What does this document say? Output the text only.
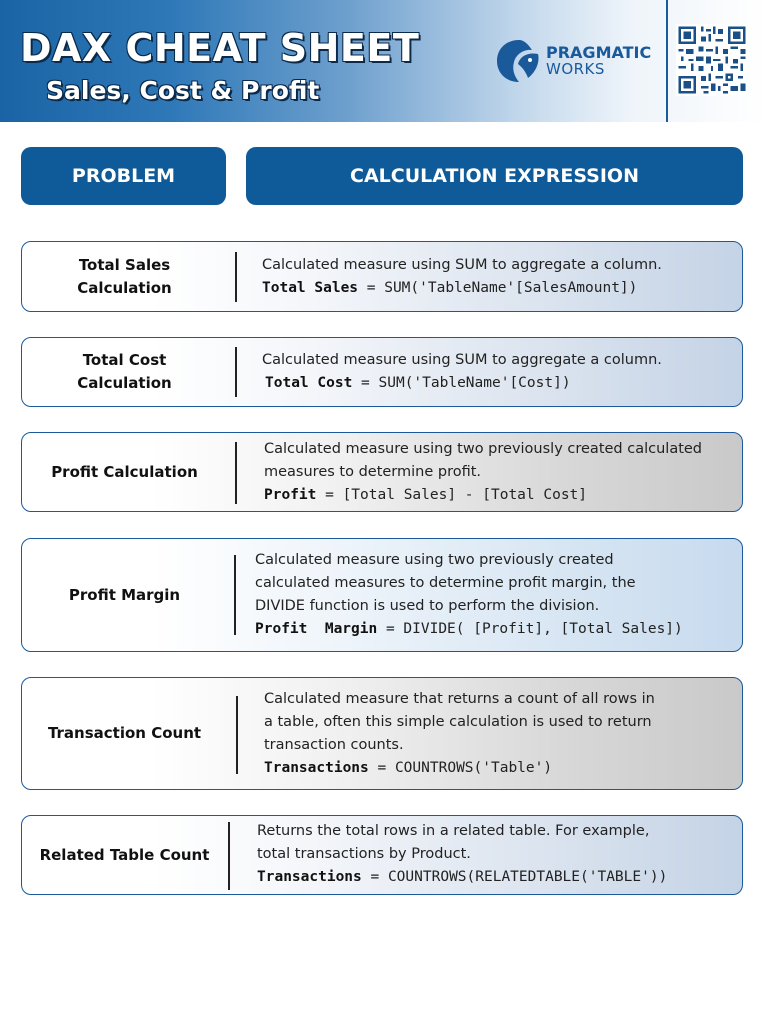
DAX CHEAT SHEET
Sales, Cost & Profit
PRAGMATIC
WORKS
PROBLEM	CALCULATION EXPRESSION
Total Sales Calculation
Calculated measure using SUM to aggregate a column.
Total Sales = SUM('TableName'[SalesAmount])
Total Cost Calculation
Calculated measure using SUM to aggregate a column.
Total Cost = SUM('TableName'[Cost])
Profit Calculation
Calculated measure using two previously created calculated
measures to determine profit.
Profit = [Total Sales] - [Total Cost]
Profit Margin
Calculated measure using two previously created
calculated measures to determine profit margin, the
DIVIDE function is used to perform the division.
Profit  Margin = DIVIDE( [Profit], [Total Sales])
Transaction Count
Calculated measure that returns a count of all rows in
a table, often this simple calculation is used to return
transaction counts.
Transactions = COUNTROWS('Table')
Related Table Count
Returns the total rows in a related table. For example,
total transactions by Product.
Transactions = COUNTROWS(RELATEDTABLE('TABLE'))
